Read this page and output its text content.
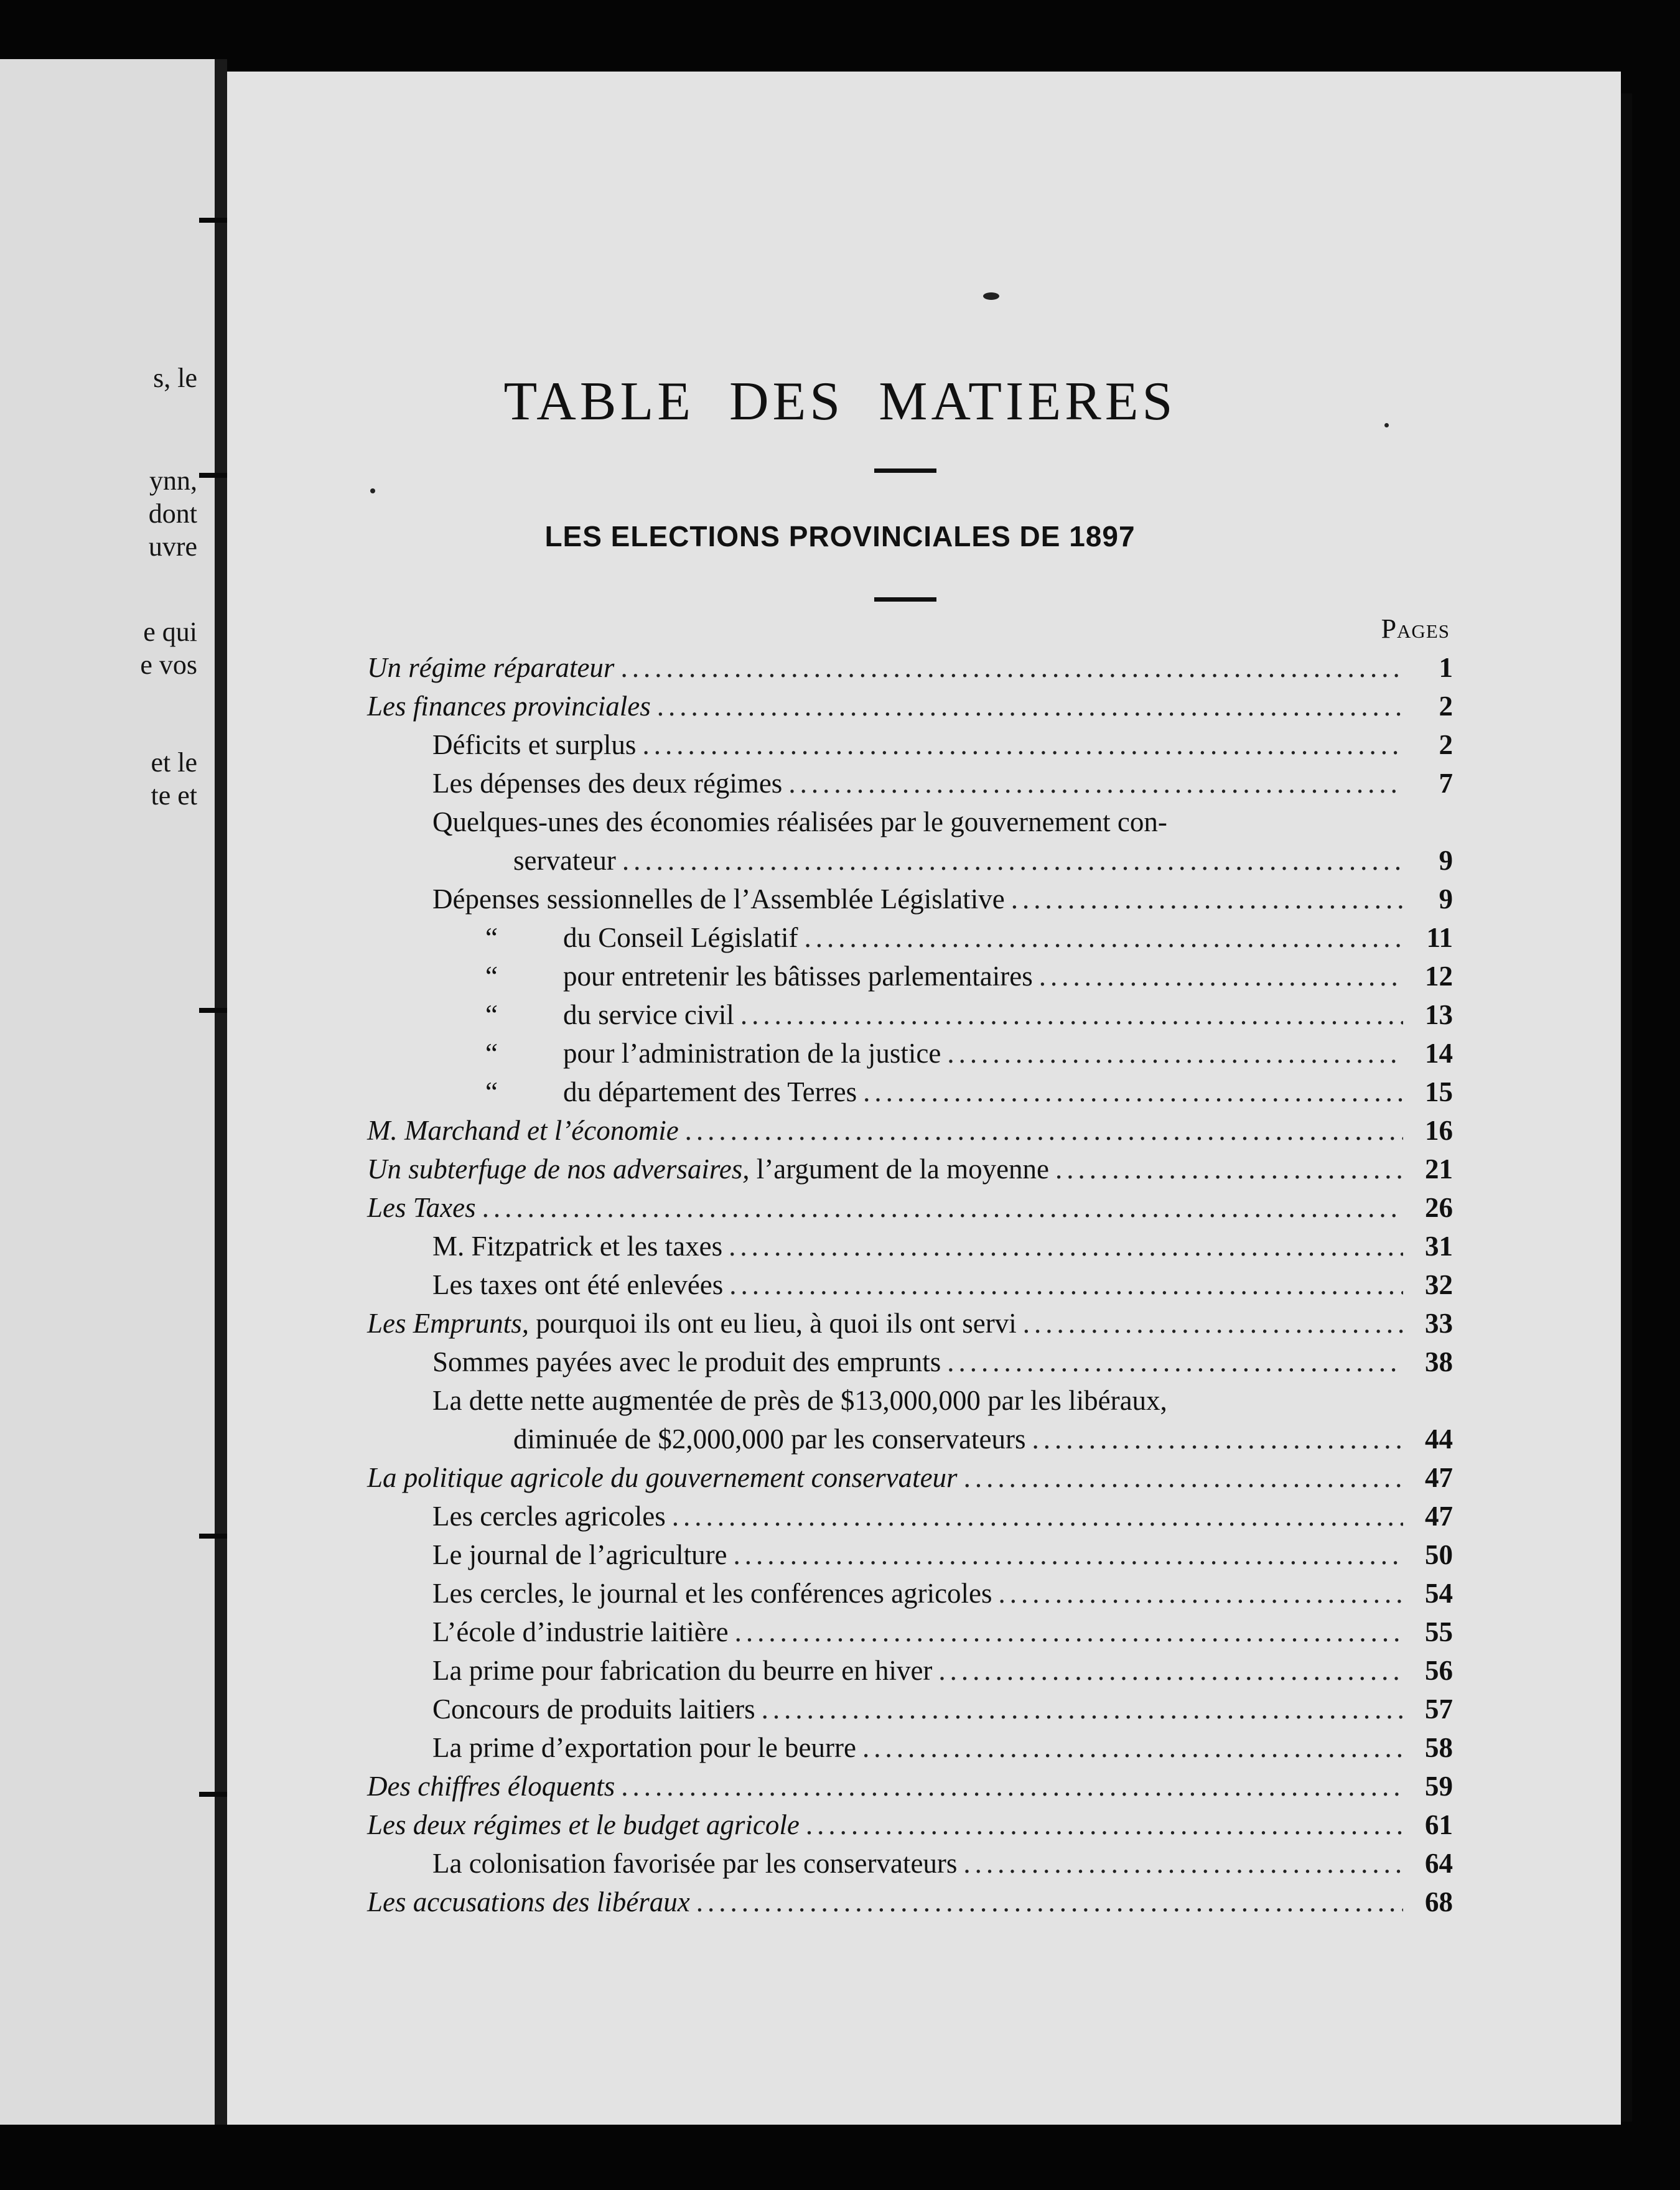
s, le
ynn,
dont
uvre
e qui
e vos
et le
te et
TABLE DES MATIERES
LES ELECTIONS PROVINCIALES DE 1897
Pages
Un régime réparateur .....	1
Les finances provinciales .....	2
Déficits et surplus .....	2
Les dépenses des deux régimes .....	7
Quelques-unes des économies réalisées par le gouvernement con-
servateur .....	9
Dépenses sessionnelles de l’Assemblée Législative .....	9
“ du Conseil Législatif .....	11
“ pour entretenir les bâtisses parlementaires .....	12
“ du service civil .....	13
“ pour l’administration de la justice .....	14
“ du département des Terres .....	15
M. Marchand et l’économie .....	16
Un subterfuge de nos adversaires, l’argument de la moyenne .....	21
Les Taxes .....	26
M. Fitzpatrick et les taxes .....	31
Les taxes ont été enlevées .....	32
Les Emprunts, pourquoi ils ont eu lieu, à quoi ils ont servi .....	33
Sommes payées avec le produit des emprunts .....	38
La dette nette augmentée de près de $13,000,000 par les libéraux,
diminuée de $2,000,000 par les conservateurs .....	44
La politique agricole du gouvernement conservateur .....	47
Les cercles agricoles .....	47
Le journal de l’agriculture .....	50
Les cercles, le journal et les conférences agricoles .....	54
L’école d’industrie laitière .....	55
La prime pour fabrication du beurre en hiver .....	56
Concours de produits laitiers .....	57
La prime d’exportation pour le beurre .....	58
Des chiffres éloquents .....	59
Les deux régimes et le budget agricole .....	61
La colonisation favorisée par les conservateurs .....	64
Les accusations des libéraux .....	68
